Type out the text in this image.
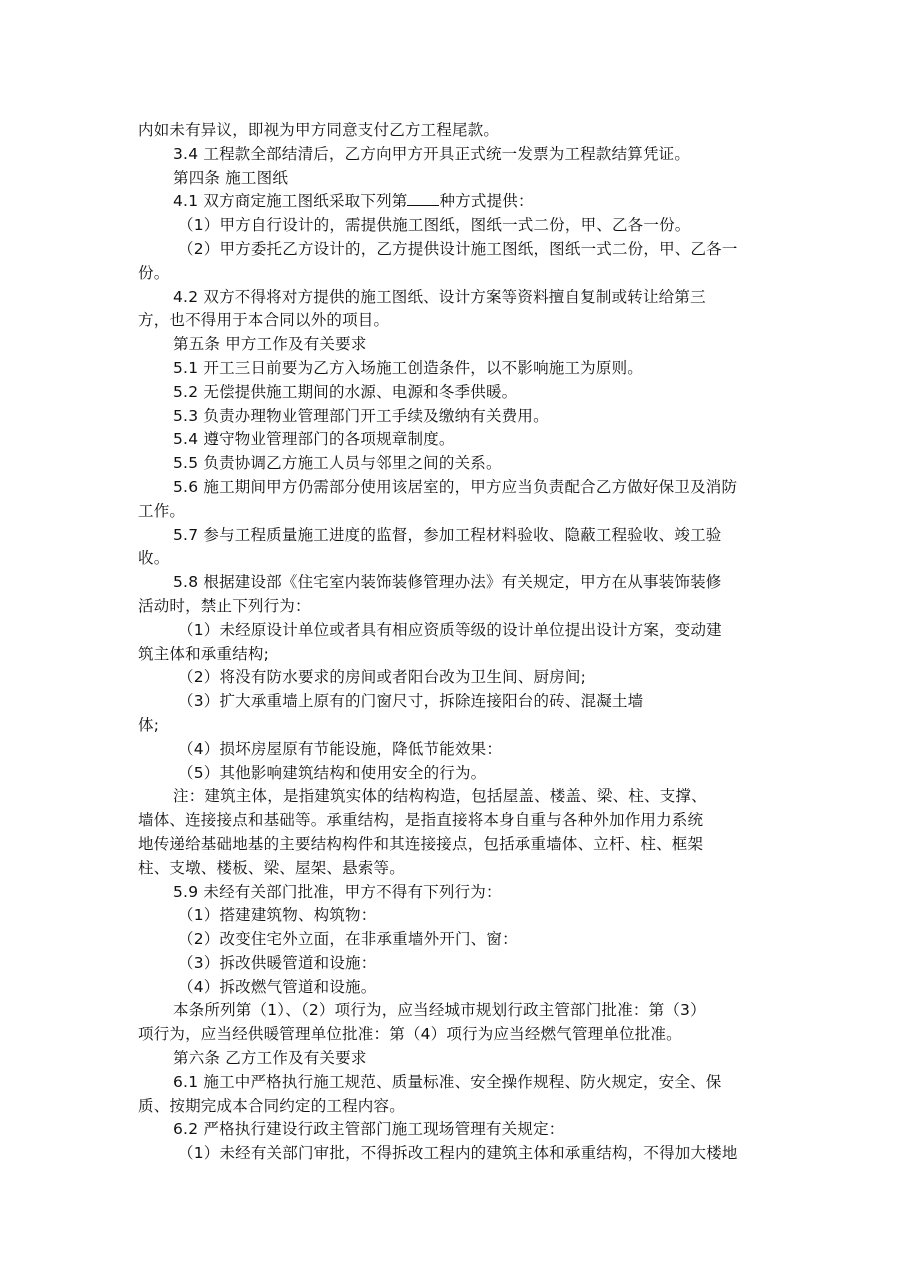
内如未有异议，即视为甲方同意支付乙方工程尾款。
3.4 工程款全部结清后，乙方向甲方开具正式统一发票为工程款结算凭证。
第四条 施工图纸
4.1 双方商定施工图纸采取下列第 种方式提供：
（1）甲方自行设计的，需提供施工图纸，图纸一式二份，甲、乙各一份。
（2）甲方委托乙方设计的，乙方提供设计施工图纸，图纸一式二份，甲、乙各一
份。
4.2 双方不得将对方提供的施工图纸、设计方案等资料擅自复制或转让给第三
方，也不得用于本合同以外的项目。
第五条 甲方工作及有关要求
5.1 开工三日前要为乙方入场施工创造条件，以不影响施工为原则。
5.2 无偿提供施工期间的水源、电源和冬季供暖。
5.3 负责办理物业管理部门开工手续及缴纳有关费用。
5.4 遵守物业管理部门的各项规章制度。
5.5 负责协调乙方施工人员与邻里之间的关系。
5.6 施工期间甲方仍需部分使用该居室的，甲方应当负责配合乙方做好保卫及消防
工作。
5.7 参与工程质量施工进度的监督，参加工程材料验收、隐蔽工程验收、竣工验
收。
5.8 根据建设部《住宅室内装饰装修管理办法》有关规定，甲方在从事装饰装修
活动时，禁止下列行为：
（1）未经原设计单位或者具有相应资质等级的设计单位提出设计方案，变动建
筑主体和承重结构;
（2）将没有防水要求的房间或者阳台改为卫生间、厨房间;
（3）扩大承重墙上原有的门窗尺寸，拆除连接阳台的砖、混凝土墙
体;
（4）损坏房屋原有节能设施，降低节能效果：
（5）其他影响建筑结构和使用安全的行为。
注：建筑主体，是指建筑实体的结构构造，包括屋盖、楼盖、梁、柱、支撑、
墙体、连接接点和基础等。承重结构，是指直接将本身自重与各种外加作用力系统
地传递给基础地基的主要结构构件和其连接接点，包括承重墙体、立杆、柱、框架
柱、支墩、楼板、梁、屋架、悬索等。
5.9 未经有关部门批准，甲方不得有下列行为：
（1）搭建建筑物、构筑物：
（2）改变住宅外立面，在非承重墙外开门、窗：
（3）拆改供暖管道和设施：
（4）拆改燃气管道和设施。
本条所列第（1）、（2）项行为，应当经城市规划行政主管部门批准：第（3）
项行为，应当经供暖管理单位批准：第（4）项行为应当经燃气管理单位批准。
第六条 乙方工作及有关要求
6.1 施工中严格执行施工规范、质量标准、安全操作规程、防火规定，安全、保
质、按期完成本合同约定的工程内容。
6.2 严格执行建设行政主管部门施工现场管理有关规定：
（1）未经有关部门审批，不得拆改工程内的建筑主体和承重结构，不得加大楼地
